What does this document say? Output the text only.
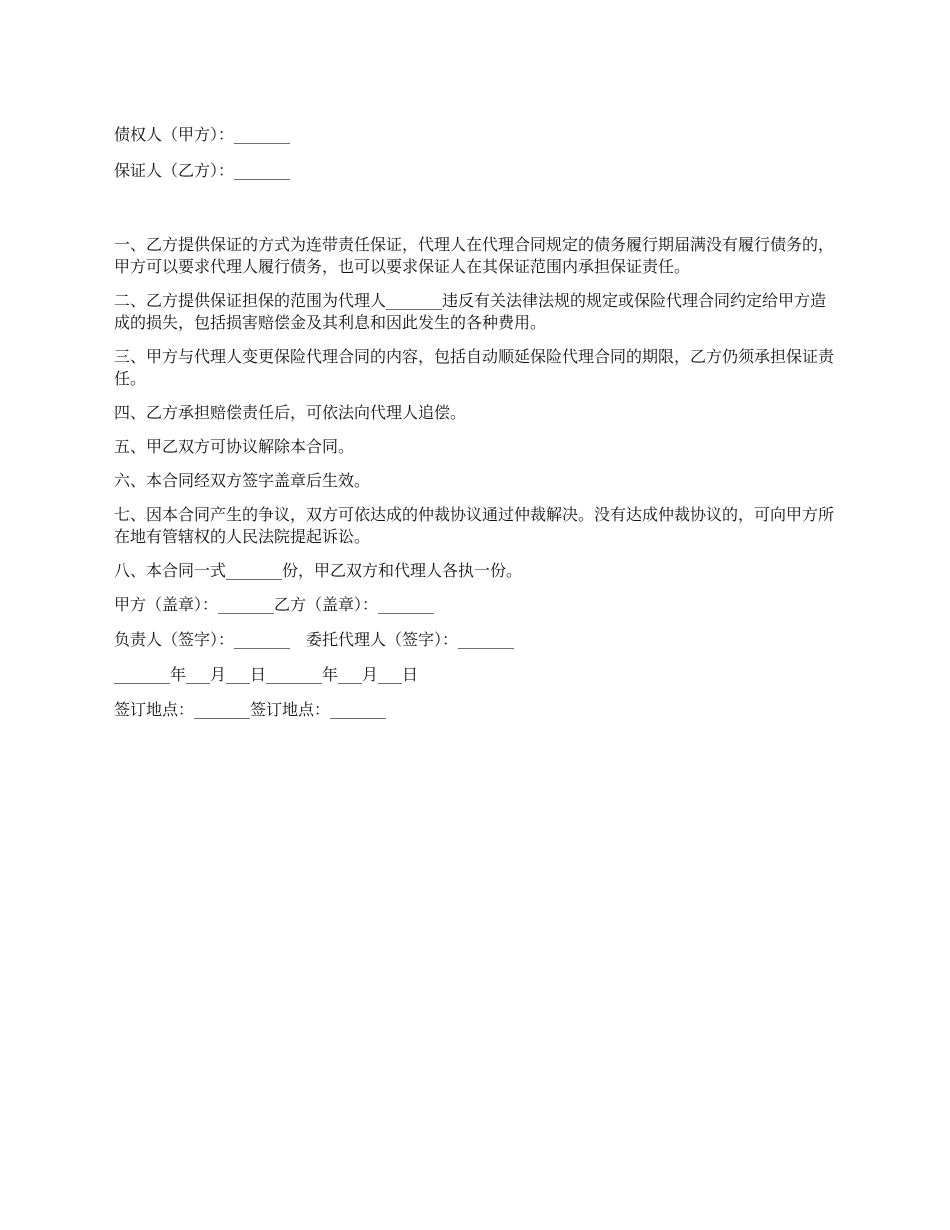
债权人（甲方）：_______

保证人（乙方）：_______

一、乙方提供保证的方式为连带责任保证，代理人在代理合同规定的债务履行期届满没有履行债务的，甲方可以要求代理人履行债务，也可以要求保证人在其保证范围内承担保证责任。

二、乙方提供保证担保的范围为代理人_______违反有关法律法规的规定或保险代理合同约定给甲方造成的损失，包括损害赔偿金及其利息和因此发生的各种费用。

三、甲方与代理人变更保险代理合同的内容，包括自动顺延保险代理合同的期限，乙方仍须承担保证责任。

四、乙方承担赔偿责任后，可依法向代理人追偿。

五、甲乙双方可协议解除本合同。

六、本合同经双方签字盖章后生效。

七、因本合同产生的争议，双方可依达成的仲裁协议通过仲裁解决。没有达成仲裁协议的，可向甲方所在地有管辖权的人民法院提起诉讼。

八、本合同一式_______份，甲乙双方和代理人各执一份。

甲方（盖章）：_______乙方（盖章）：_______

负责人（签字）：_______　委托代理人（签字）：_______

_______年___月___日_______年___月___日

签订地点：_______签订地点：_______
